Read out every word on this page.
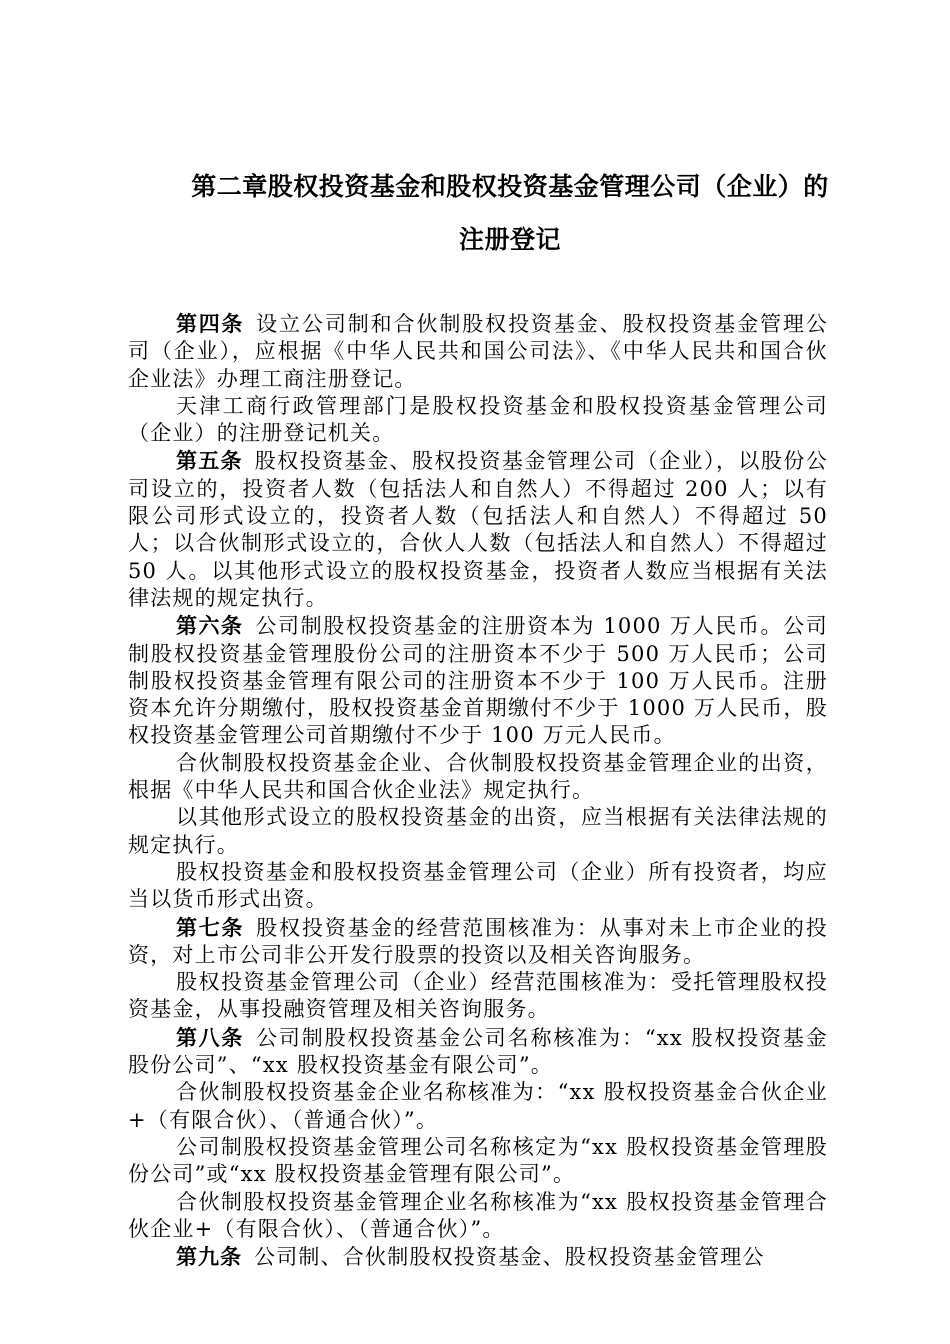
第二章股权投资基金和股权投资基金管理公司（企业）的
注册登记

第四条 设立公司制和合伙制股权投资基金、股权投资基金管理公司（企业），应根据《中华人民共和国公司法》、《中华人民共和国合伙企业法》办理工商注册登记。

天津工商行政管理部门是股权投资基金和股权投资基金管理公司（企业）的注册登记机关。

第五条 股权投资基金、股权投资基金管理公司（企业），以股份公司设立的，投资者人数（包括法人和自然人）不得超过 200 人；以有限公司形式设立的，投资者人数（包括法人和自然人）不得超过 50 人；以合伙制形式设立的，合伙人人数（包括法人和自然人）不得超过 50 人。以其他形式设立的股权投资基金，投资者人数应当根据有关法律法规的规定执行。

第六条 公司制股权投资基金的注册资本为 1000 万人民币。公司制股权投资基金管理股份公司的注册资本不少于 500 万人民币；公司制股权投资基金管理有限公司的注册资本不少于 100 万人民币。注册资本允许分期缴付，股权投资基金首期缴付不少于 1000 万人民币，股权投资基金管理公司首期缴付不少于 100 万元人民币。

合伙制股权投资基金企业、合伙制股权投资基金管理企业的出资，根据《中华人民共和国合伙企业法》规定执行。

以其他形式设立的股权投资基金的出资，应当根据有关法律法规的规定执行。

股权投资基金和股权投资基金管理公司（企业）所有投资者，均应当以货币形式出资。

第七条 股权投资基金的经营范围核准为：从事对未上市企业的投资，对上市公司非公开发行股票的投资以及相关咨询服务。

股权投资基金管理公司（企业）经营范围核准为：受托管理股权投资基金，从事投融资管理及相关咨询服务。

第八条 公司制股权投资基金公司名称核准为：“xx 股权投资基金股份公司”、“xx 股权投资基金有限公司”。

合伙制股权投资基金企业名称核准为：“xx 股权投资基金合伙企业+（有限合伙）、（普通合伙）”。

公司制股权投资基金管理公司名称核定为“xx 股权投资基金管理股份公司”或“xx 股权投资基金管理有限公司”。

合伙制股权投资基金管理企业名称核准为“xx 股权投资基金管理合伙企业+（有限合伙）、（普通合伙）”。

第九条 公司制、合伙制股权投资基金、股权投资基金管理公
